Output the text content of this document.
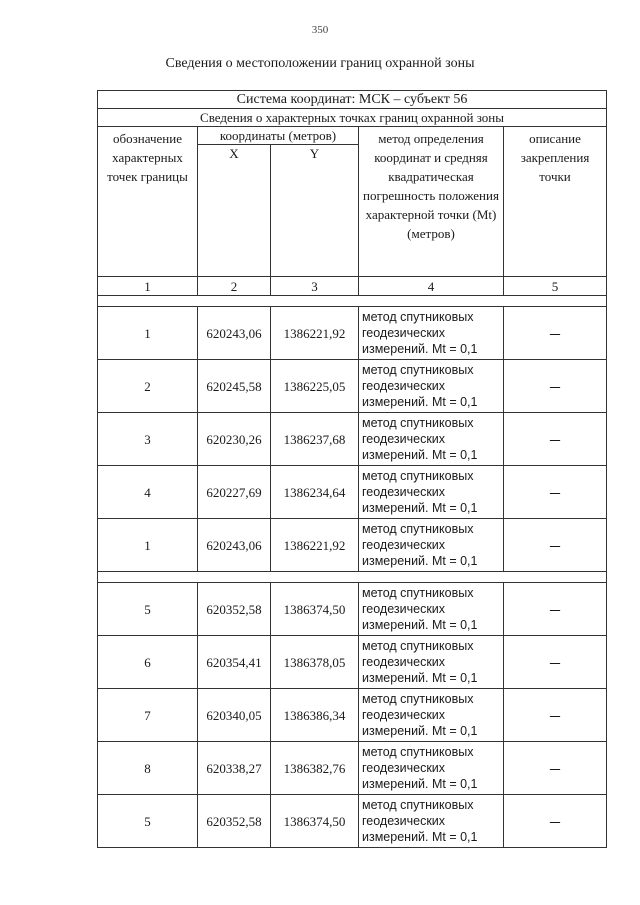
350
Сведения о местоположении границ охранной зоны
Система координат: МСК – субъект 56				
Сведения о характерных точках границ охранной зоны				
обозначение характерных точек границы	координаты (метров)		метод определения координат и средняя квадратическая погрешность положения характерной точки (Mt) (метров)	описание закрепления точки
	X	Y		
1	2	3	4	5

1	620243,06	1386221,92	метод спутниковых геодезических измерений. Mt = 0,1	–
2	620245,58	1386225,05	метод спутниковых геодезических измерений. Mt = 0,1	–
3	620230,26	1386237,68	метод спутниковых геодезических измерений. Mt = 0,1	–
4	620227,69	1386234,64	метод спутниковых геодезических измерений. Mt = 0,1	–
1	620243,06	1386221,92	метод спутниковых геодезических измерений. Mt = 0,1	–

5	620352,58	1386374,50	метод спутниковых геодезических измерений. Mt = 0,1	–
6	620354,41	1386378,05	метод спутниковых геодезических измерений. Mt = 0,1	–
7	620340,05	1386386,34	метод спутниковых геодезических измерений. Mt = 0,1	–
8	620338,27	1386382,76	метод спутниковых геодезических измерений. Mt = 0,1	–
5	620352,58	1386374,50	метод спутниковых геодезических измерений. Mt = 0,1	–
